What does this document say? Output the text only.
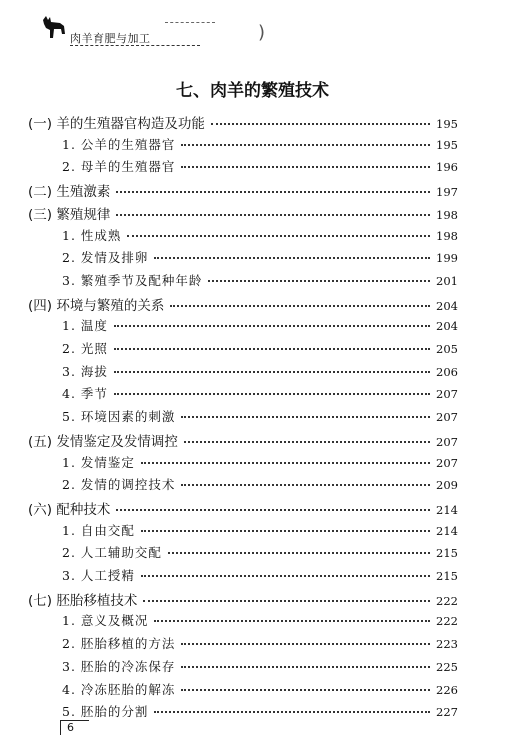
肉羊育肥与加工	)
七、肉羊的繁殖技术
(一) 羊的生殖器官构造及功能	195
1. 公羊的生殖器官	195
2. 母羊的生殖器官	196
(二) 生殖激素	197
(三) 繁殖规律	198
1. 性成熟	198
2. 发情及排卵	199
3. 繁殖季节及配种年龄	201
(四) 环境与繁殖的关系	204
1. 温度	204
2. 光照	205
3. 海拔	206
4. 季节	207
5. 环境因素的刺激	207
(五) 发情鉴定及发情调控	207
1. 发情鉴定	207
2. 发情的调控技术	209
(六) 配种技术	214
1. 自由交配	214
2. 人工辅助交配	215
3. 人工授精	215
(七) 胚胎移植技术	222
1. 意义及概况	222
2. 胚胎移植的方法	223
3. 胚胎的冷冻保存	225
4. 冷冻胚胎的解冻	226
5. 胚胎的分割	227
6
